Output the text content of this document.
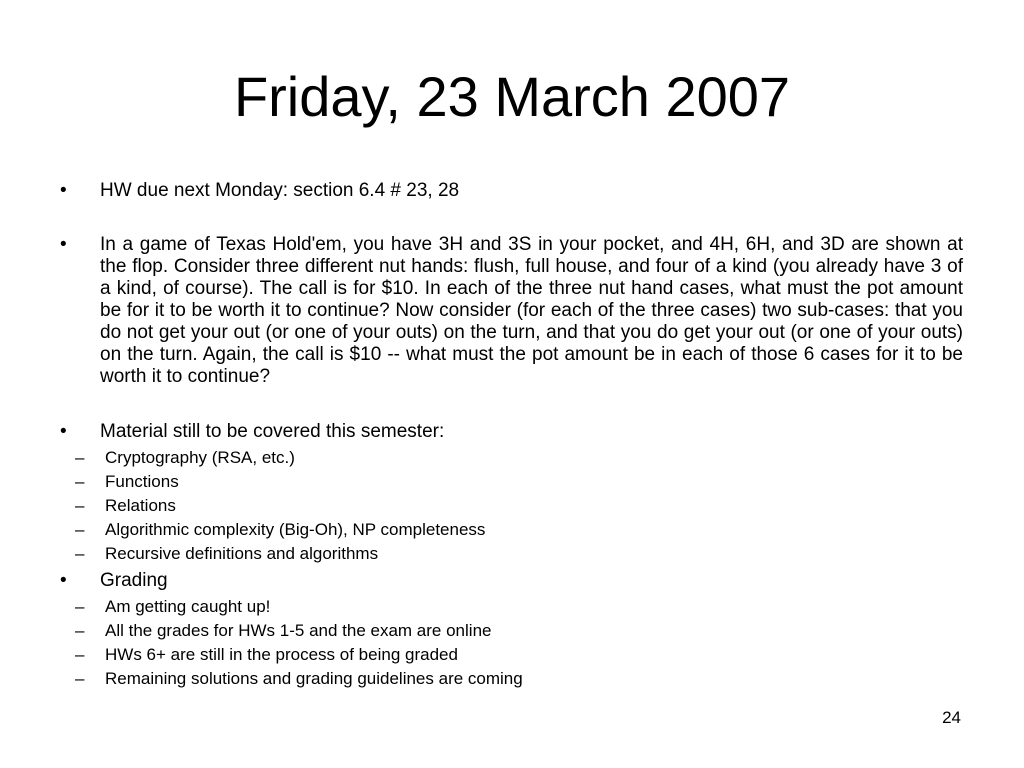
Friday, 23 March 2007
• HW due next Monday: section 6.4 # 23, 28
• In a game of Texas Hold'em, you have 3H and 3S in your pocket, and 4H, 6H, and 3D are shown at the flop. Consider three different nut hands: flush, full house, and four of a kind (you already have 3 of a kind, of course). The call is for $10. In each of the three nut hand cases, what must the pot amount be for it to be worth it to continue? Now consider (for each of the three cases) two sub-cases: that you do not get your out (or one of your outs) on the turn, and that you do get your out (or one of your outs) on the turn. Again, the call is $10 -- what must the pot amount be in each of those 6 cases for it to be worth it to continue?
• Material still to be covered this semester:
– Cryptography (RSA, etc.)
– Functions
– Relations
– Algorithmic complexity (Big-Oh), NP completeness
– Recursive definitions and algorithms
• Grading
– Am getting caught up!
– All the grades for HWs 1-5 and the exam are online
– HWs 6+ are still in the process of being graded
– Remaining solutions and grading guidelines are coming
24
